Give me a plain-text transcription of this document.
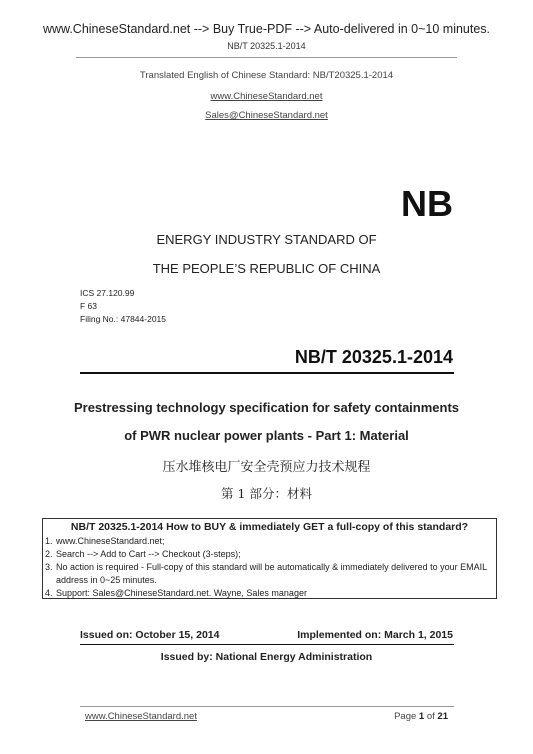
www.ChineseStandard.net --> Buy True-PDF --> Auto-delivered in 0~10 minutes.
NB/T 20325.1-2014
Translated English of Chinese Standard: NB/T20325.1-2014
www.ChineseStandard.net
Sales@ChineseStandard.net
NB
ENERGY INDUSTRY STANDARD OF
THE PEOPLE’S REPUBLIC OF CHINA
ICS 27.120.99
F 63
Filing No.: 47844-2015
NB/T 20325.1-2014
Prestressing technology specification for safety containments
of PWR nuclear power plants - Part 1: Material
压水堆核电厂安全壳预应力技术规程
第 1 部分：材料
NB/T 20325.1-2014 How to BUY & immediately GET a full-copy of this standard?
1. www.ChineseStandard.net;
2. Search --> Add to Cart --> Checkout (3-steps);
3. No action is required - Full-copy of this standard will be automatically & immediately delivered to your EMAIL address in 0~25 minutes.
4. Support: Sales@ChineseStandard.net. Wayne, Sales manager
Issued on: October 15, 2014	Implemented on: March 1, 2015
Issued by: National Energy Administration
www.ChineseStandard.net	Page 1 of 21
